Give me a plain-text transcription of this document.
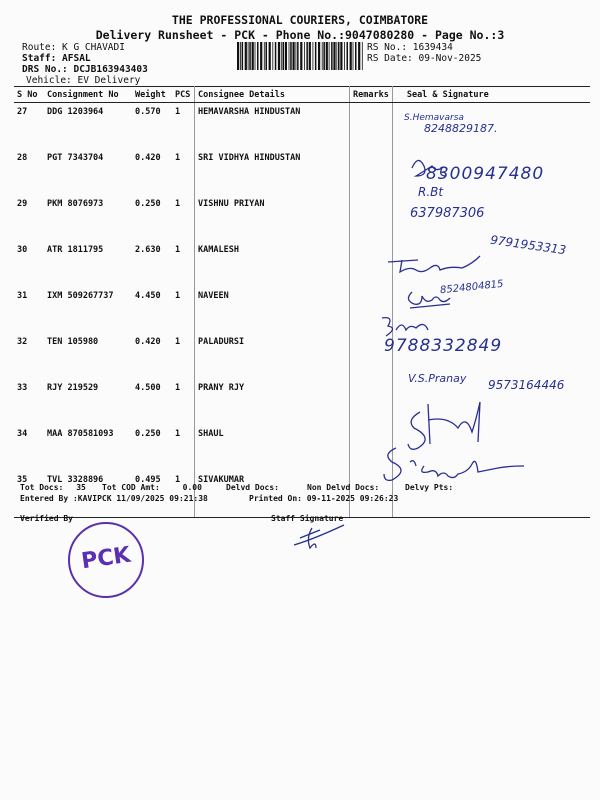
THE PROFESSIONAL COURIERS, COIMBATORE
Delivery Runsheet - PCK - Phone No.:9047080280 - Page No.:3
Route: K G CHAVADI
Staff: AFSAL
DRS No.: DCJB163943403
Vehicle: EV Delivery
RS No.: 1639434
RS Date: 09-Nov-2025
S No	Consignment No	Weight	PCS	Consignee Details	Remarks	Seal & Signature
27	DDG 1203964	0.570	1	HEMAVARSHA HINDUSTAN		
28	PGT 7343704	0.420	1	SRI VIDHYA HINDUSTAN		
29	PKM 8076973	0.250	1	VISHNU PRIYAN		
30	ATR 1811795	2.630	1	KAMALESH		
31	IXM 509267737	4.450	1	NAVEEN		
32	TEN 105980	0.420	1	PALADURSI		
33	RJY 219529	4.500	1	PRANY RJY		
34	MAA 870581093	0.250	1	SHAUL		
35	TVL 3328896	0.495	1	SIVAKUMAR		
S.Hemavarsa
8248829187.
8300947480
R.Bt
637987306
9791953313
8524804815
9788332849
V.S.Pranay 9573164446
Tot Docs: 35 Tot COD Amt:	0.00	Delvd Docs:	Non Delvd Docs:	Delvy Pts:
Entered By :KAVIPCK 11/09/2025 09:21:38	Printed On: 09-11-2025 09:26:23
Verified By	Staff Signature
PCK
